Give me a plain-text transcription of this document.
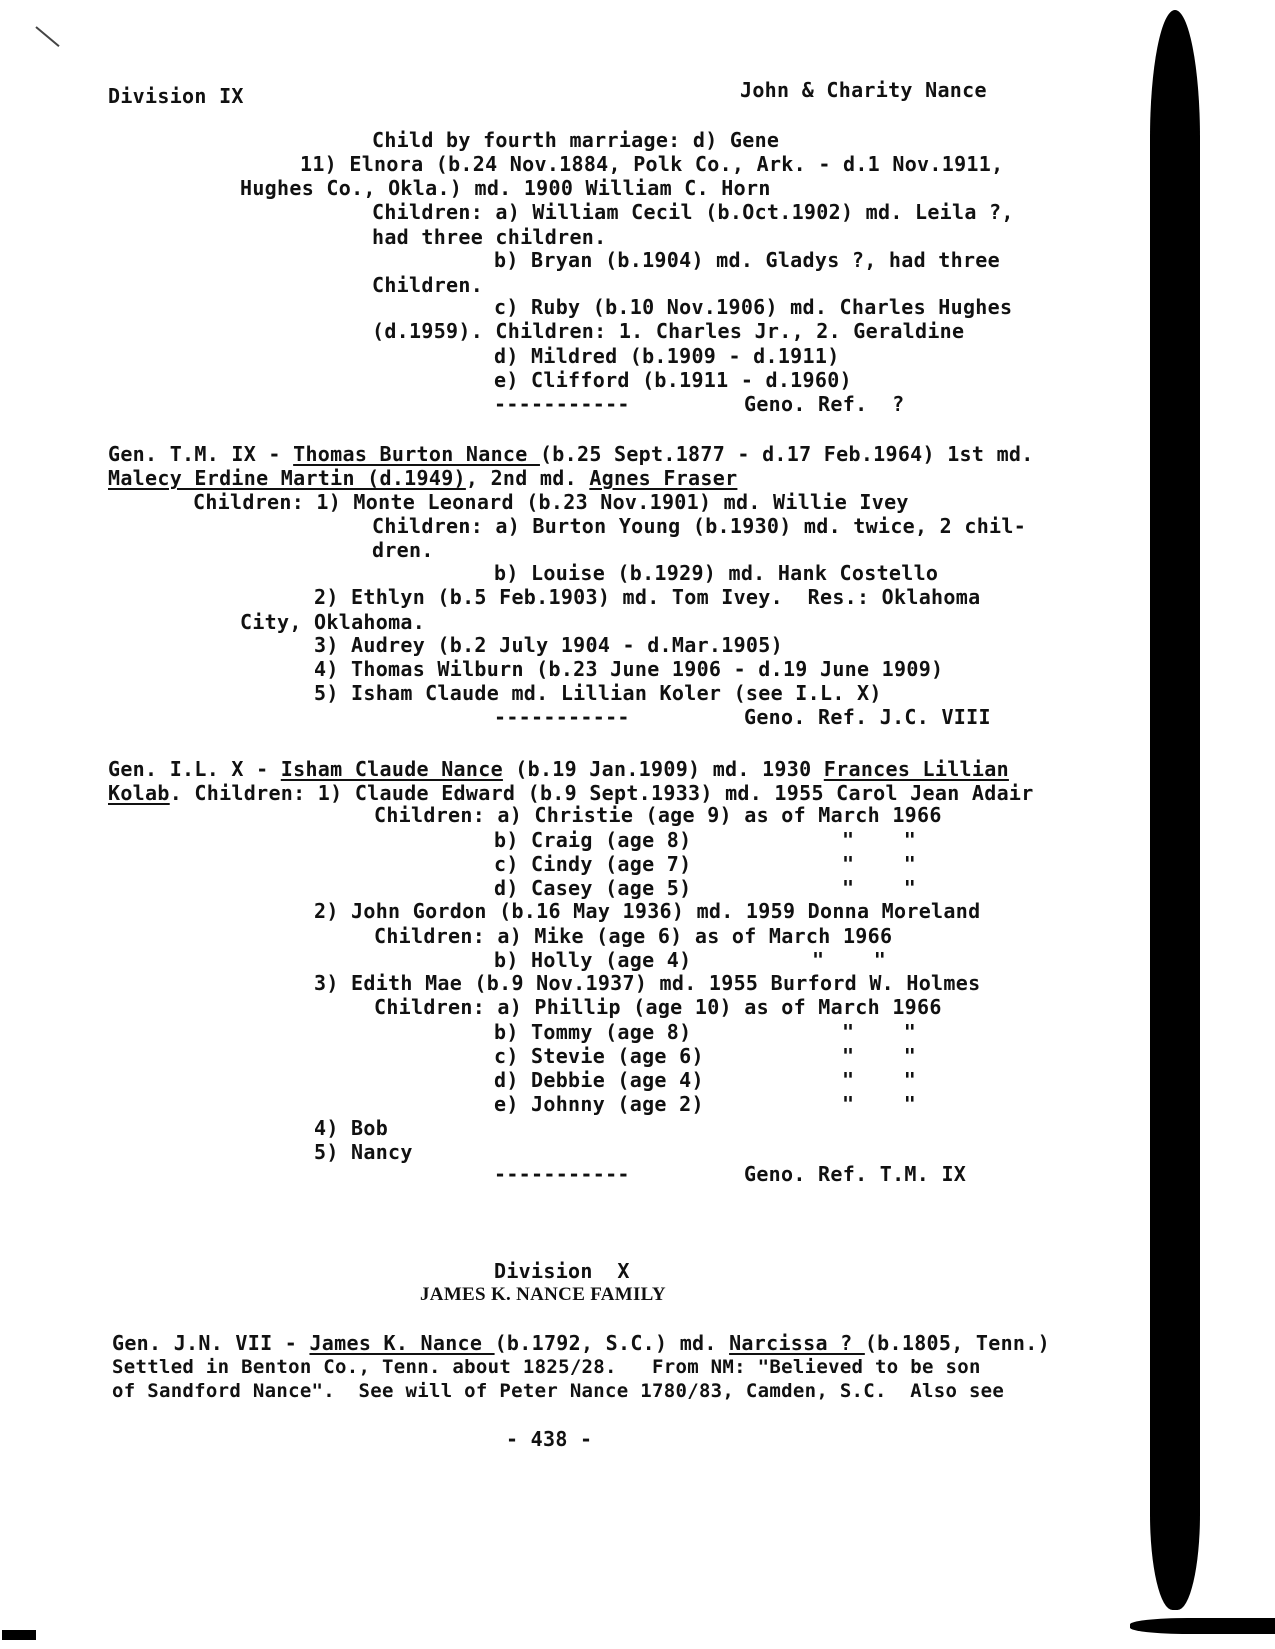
Division IX	John & Charity Nance
Child by fourth marriage: d) Gene
11) Elnora (b.24 Nov.1884, Polk Co., Ark. - d.1 Nov.1911,
Hughes Co., Okla.) md. 1900 William C. Horn
Children: a) William Cecil (b.Oct.1902) md. Leila ?,
had three children.
b) Bryan (b.1904) md. Gladys ?, had three
Children.
c) Ruby (b.10 Nov.1906) md. Charles Hughes
(d.1959). Children: 1. Charles Jr., 2. Geraldine
d) Mildred (b.1909 - d.1911)
e) Clifford (b.1911 - d.1960)
-----------	Geno. Ref.  ?
Gen. T.M. IX - Thomas Burton Nance (b.25 Sept.1877 - d.17 Feb.1964) 1st md.
Malecy Erdine Martin (d.1949), 2nd md. Agnes Fraser
Children: 1) Monte Leonard (b.23 Nov.1901) md. Willie Ivey
Children: a) Burton Young (b.1930) md. twice, 2 chil-
dren.
b) Louise (b.1929) md. Hank Costello
2) Ethlyn (b.5 Feb.1903) md. Tom Ivey.  Res.: Oklahoma
City, Oklahoma.
3) Audrey (b.2 July 1904 - d.Mar.1905)
4) Thomas Wilburn (b.23 June 1906 - d.19 June 1909)
5) Isham Claude md. Lillian Koler (see I.L. X)
-----------	Geno. Ref. J.C. VIII
Gen. I.L. X - Isham Claude Nance (b.19 Jan.1909) md. 1930 Frances Lillian
Kolab. Children: 1) Claude Edward (b.9 Sept.1933) md. 1955 Carol Jean Adair
Children: a) Christie (age 9) as of March 1966
b) Craig (age 8)	"    "
c) Cindy (age 7)	"    "
d) Casey (age 5)	"    "
2) John Gordon (b.16 May 1936) md. 1959 Donna Moreland
Children: a) Mike (age 6) as of March 1966
b) Holly (age 4)	"    "
3) Edith Mae (b.9 Nov.1937) md. 1955 Burford W. Holmes
Children: a) Phillip (age 10) as of March 1966
b) Tommy (age 8)	"    "
c) Stevie (age 6)	"    "
d) Debbie (age 4)	"    "
e) Johnny (age 2)	"    "
4) Bob
5) Nancy
-----------	Geno. Ref. T.M. IX
Division  X
JAMES K. NANCE FAMILY
Gen. J.N. VII - James K. Nance (b.1792, S.C.) md. Narcissa ? (b.1805, Tenn.)
Settled in Benton Co., Tenn. about 1825/28.   From NM: "Believed to be son
of Sandford Nance".  See will of Peter Nance 1780/83, Camden, S.C.  Also see
- 438 -
